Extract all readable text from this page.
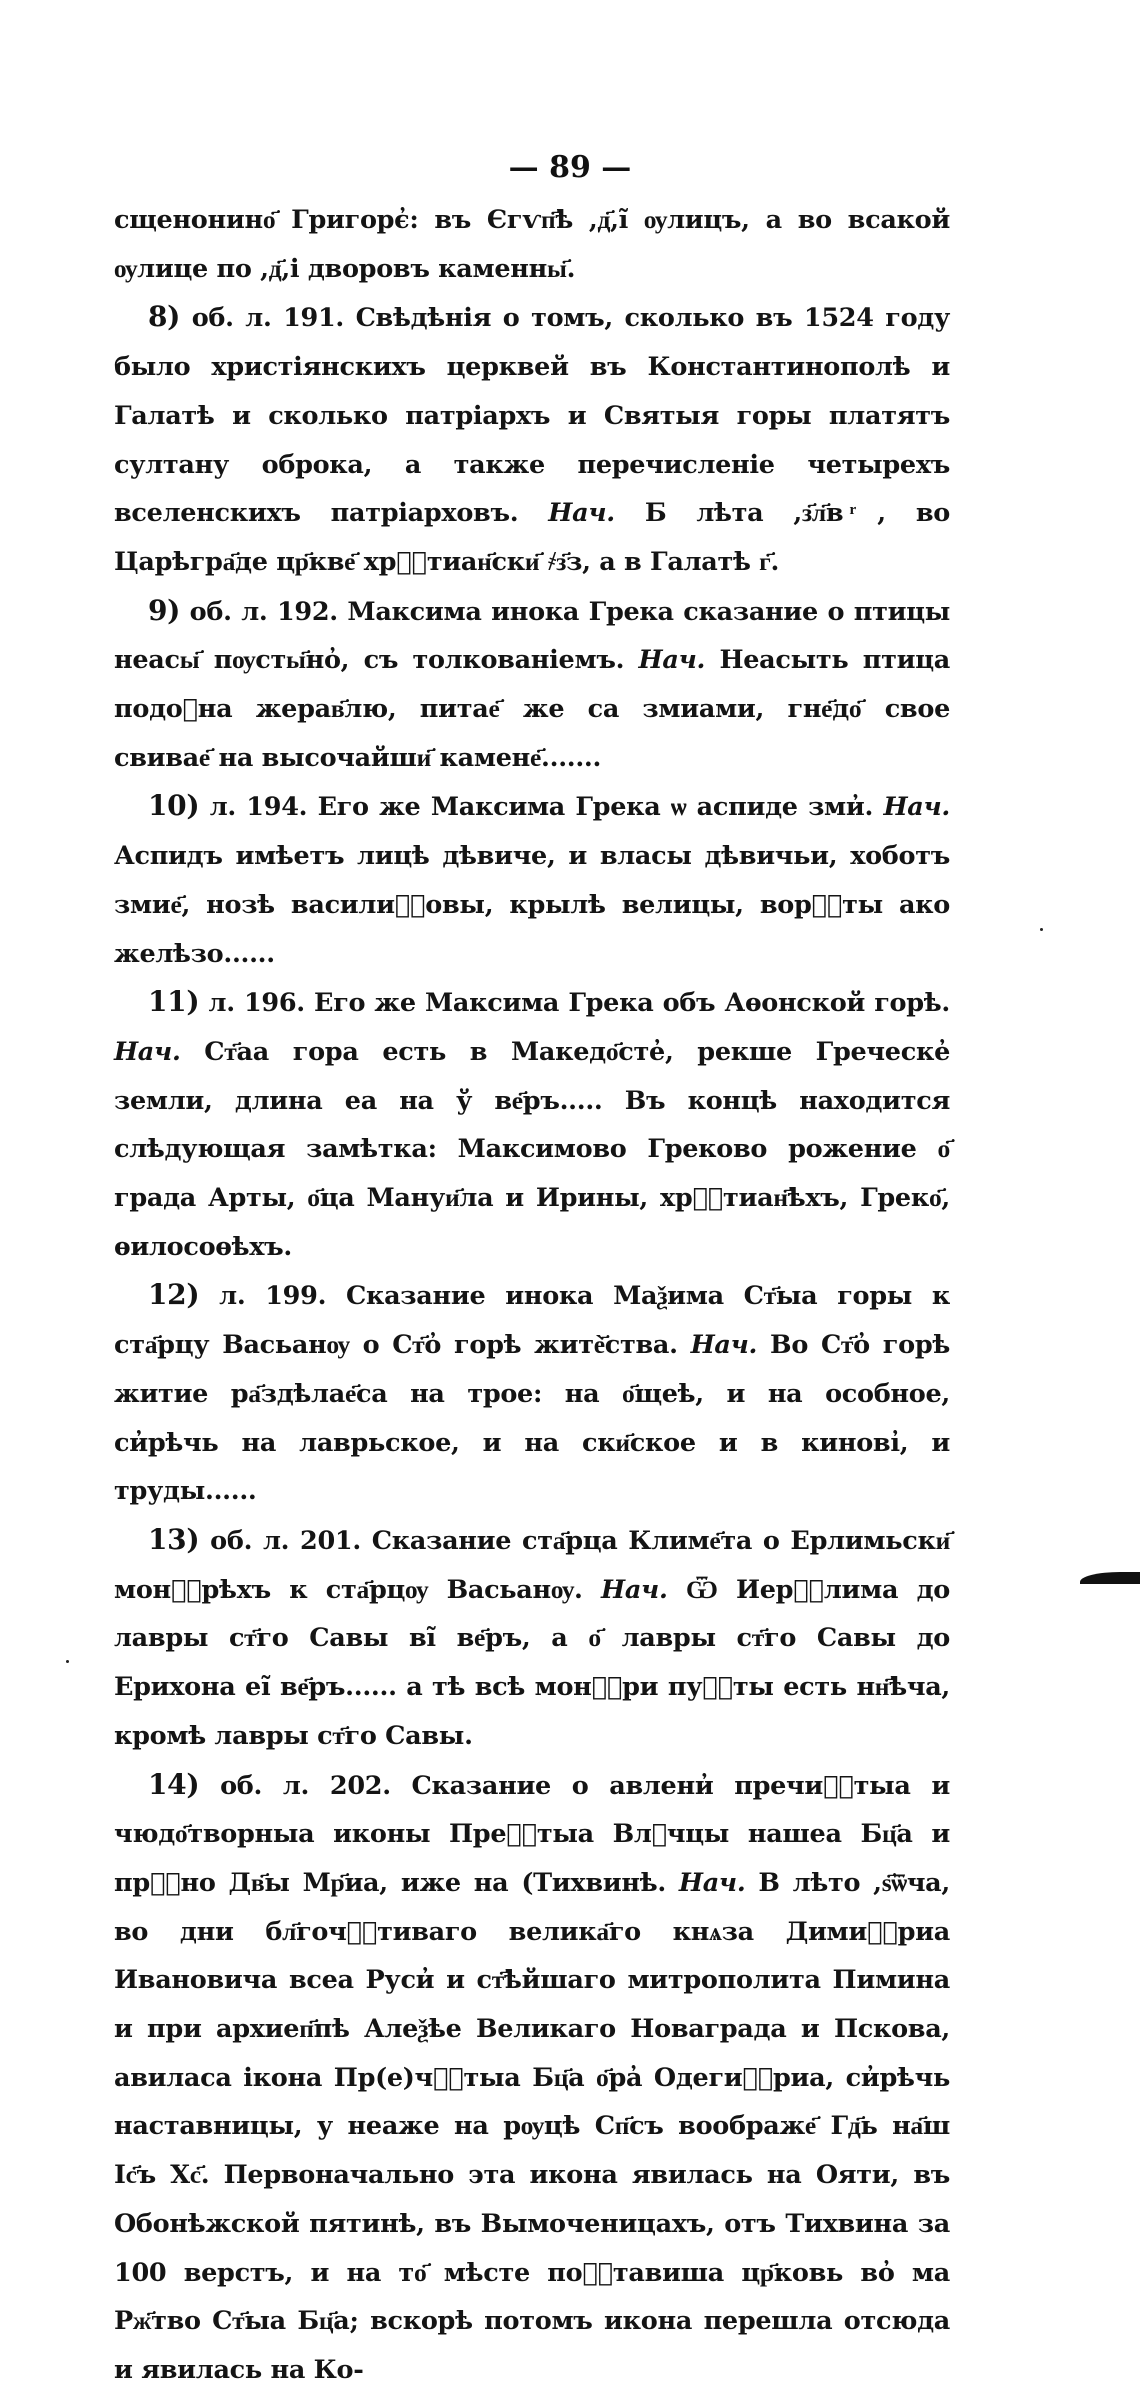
— 89 —

сщенонино҃ Григорє̓: въ Єгѵп҃ѣ ,д҃,і̃ ѹлицъ, а во всакой ѹлице по ,д҃,і дворовъ каменны҃.

8) об. л. 191. Свѣдѣнія о томъ, сколько въ 1524 году было христіянскихъ церквей въ Константинополѣ и Галатѣ и сколько патріархъ и Святыя горы платятъ султану оброка, а также перечисленіе четырехъ вселенскихъ патріарховъ. Нач. Б лѣта ,з҃л҃в ͬ, во Царѣгра҃де цр҃кве҃ хрⷭ҇тиан҃ски҃ ҂з҃з, а в Галатѣ г҃.

9) об. л. 192. Максима инока Грека сказание о птицы неасы҃ пѹсты҃но̓, съ толкованіемъ. Нач. Неасыть птица подоⷠна жерав҃лю, питае҃ же са змиами, гне҃до҃ свое свивае҃ на высочайши҃ камене҃.......

10) л. 194. Его же Максима Грека ѡ аспиде зми̓. Нач. Аспидъ имѣетъ лицѣ дѣвиче, и власы дѣвичьи, хоботъ змие҃, нозѣ василиⷦ҇овы, крылѣ велицы, ворⷪ҇ты ако желѣзо......

11) л. 196. Его же Максима Грека объ Аѳонской горѣ. Нач. Ст҃аа гора есть в Македо҃сте̓, рекше Греческе̓ земли, длина еа на ў ве҃ръ..... Въ концѣ находится слѣдующая замѣтка: Максимово Греково рожение о҃ града Арты, о҃ца Мануи҃ла и Ирины, хрⷭ҇тиан҃ѣхъ, Греко҃, ѳилосоѳѣхъ.

12) л. 199. Сказание инока Маѯима Ст҃ыа горы к ста҃рцу Васьанѹ о Ст҃о̓ горѣ житѐ҃ства. Нач. Во Ст҃о̓ горѣ житие ра҃здѣлае҃са на трое: на о҃щеѣ, и на особное, си̓рѣчь на лаврьское, и на ски҃ское и в кинові̓, и труды......

13) об. л. 201. Сказание ста҃рца Климе҃та о Ерлимьски҃ монⷭ҇рѣхъ к ста҃рцѹ Васьанѹ. Нач. Ѿ Иерⷭ҇лима до лавры ст҃го Савы ві̃ ве҃ръ, а о҃ лавры ст҃го Савы до Ерихона еі̃ ве҃ръ...... а тѣ всѣ монⷭ҇ри пуⷭ҇ты есть нн҃ѣча, кромѣ лавры ст҃го Савы.

14) об. л. 202. Сказание о авлени̓ пречиⷭ҇тыа и чюдо҃творныа иконы Преⷭ҇тыа Влⷣчцы нашеа Бц҃а и прⷭ҇но Дв҃ы Мр҃иа, иже на (Тихвинѣ. Нач. В лѣто ,ѕ҃ѿча, во дни бл҃гочⷭ҇тиваго велика҃го кнѧза Димиⷮ҇риа Ивановича всеа Руси̓ и ст҃ѣйшаго митрополита Пимина и при архиеп҃пѣ Алеѯѣе Великаго Новаграда и Пскова, авилаcа ікона Пр(е)чⷭ҇тыа Бц҃а о҃ра̓ Одегиⷮ҇риа, си̓рѣчь наставницы, у неаже на рѹцѣ Сп҃съ воображе҃ Гд҃ь на҃ш Іс҃ъ Хс҃. Первоначально эта икона явилась на Ояти, въ Обонѣжской пятинѣ, въ Вымоченицахъ, отъ Тихвина за 100 верстъ, и на то҃ мѣсте поⷭ҇тавиша цр҃ковь во̓ ма Рж҃тво Ст҃ыа Бц҃а; вскорѣ потомъ икона перешла отсюда и явилась на Ко-
